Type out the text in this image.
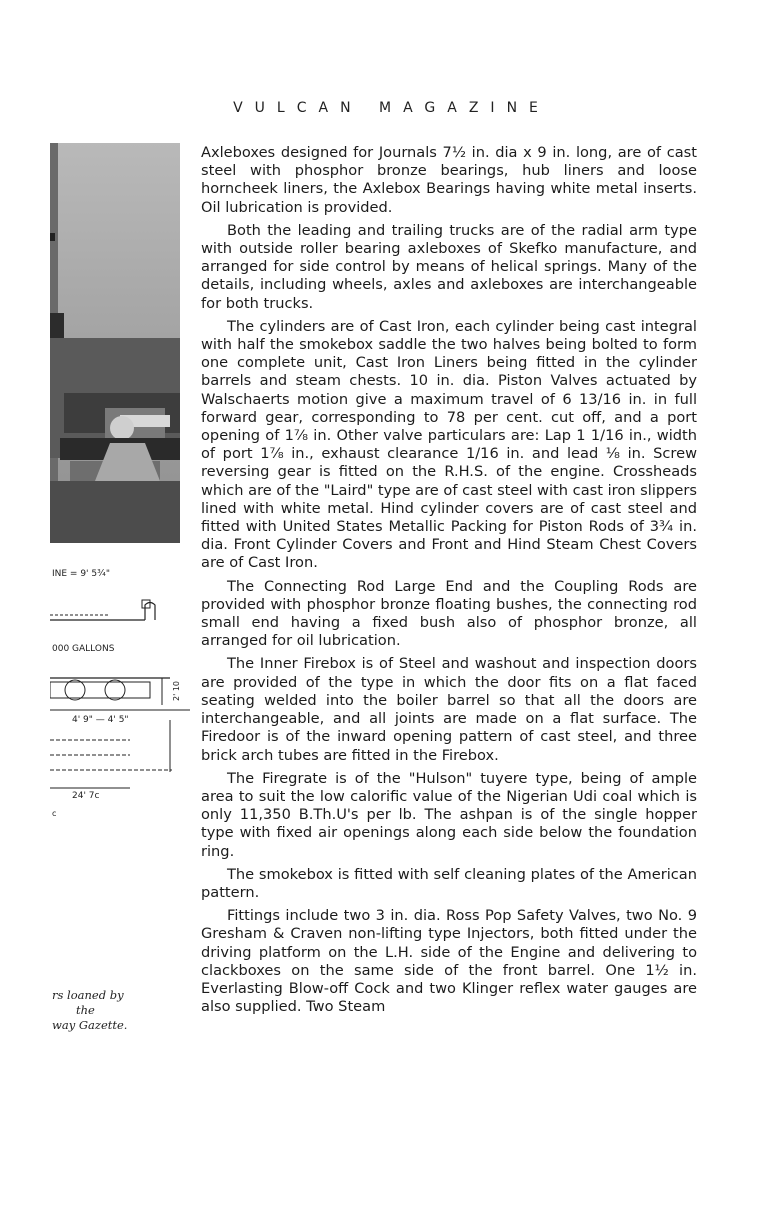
VULCAN MAGAZINE
INE = 9' 5¾"
000 GALLONS
2' 10
4' 9" — 4' 5"
24' 7c
c
rs loaned by
the
way Gazette.

Axleboxes designed for Journals 7½ in. dia x 9 in. long, are of cast steel with phosphor bronze bearings, hub liners and loose horncheek liners, the Axlebox Bearings having white metal inserts. Oil lubrication is provided.

Both the leading and trailing trucks are of the radial arm type with outside roller bearing axleboxes of Skefko manufacture, and arranged for side control by means of helical springs. Many of the details, including wheels, axles and axleboxes are interchangeable for both trucks.

The cylinders are of Cast Iron, each cylinder being cast integral with half the smokebox saddle the two halves being bolted to form one complete unit, Cast Iron Liners being fitted in the cylinder barrels and steam chests. 10 in. dia. Piston Valves actuated by Walschaerts motion give a maximum travel of 6 13/16 in. in full forward gear, corresponding to 78 per cent. cut off, and a port opening of 1⅞ in. Other valve particulars are: Lap 1 1/16 in., width of port 1⅞ in., exhaust clearance 1/16 in. and lead ⅛ in. Screw reversing gear is fitted on the R.H.S. of the engine. Crossheads which are of the "Laird" type are of cast steel with cast iron slippers lined with white metal. Hind cylinder covers are of cast steel and fitted with United States Metallic Packing for Piston Rods of 3¾ in. dia. Front Cylinder Covers and Front and Hind Steam Chest Covers are of Cast Iron.

The Connecting Rod Large End and the Coupling Rods are provided with phosphor bronze floating bushes, the connecting rod small end having a fixed bush also of phosphor bronze, all arranged for oil lubrication.

The Inner Firebox is of Steel and washout and inspection doors are provided of the type in which the door fits on a flat faced seating welded into the boiler barrel so that all the doors are interchangeable, and all joints are made on a flat surface. The Firedoor is of the inward opening pattern of cast steel, and three brick arch tubes are fitted in the Firebox.

The Firegrate is of the "Hulson" tuyere type, being of ample area to suit the low calorific value of the Nigerian Udi coal which is only 11,350 B.Th.U's per lb. The ashpan is of the single hopper type with fixed air openings along each side below the foundation ring.

The smokebox is fitted with self cleaning plates of the American pattern.

Fittings include two 3 in. dia. Ross Pop Safety Valves, two No. 9 Gresham & Craven non-lifting type Injectors, both fitted under the driving platform on the L.H. side of the Engine and delivering to clackboxes on the same side of the front barrel. One 1½ in. Everlasting Blow-off Cock and two Klinger reflex water gauges are also supplied. Two Steam
